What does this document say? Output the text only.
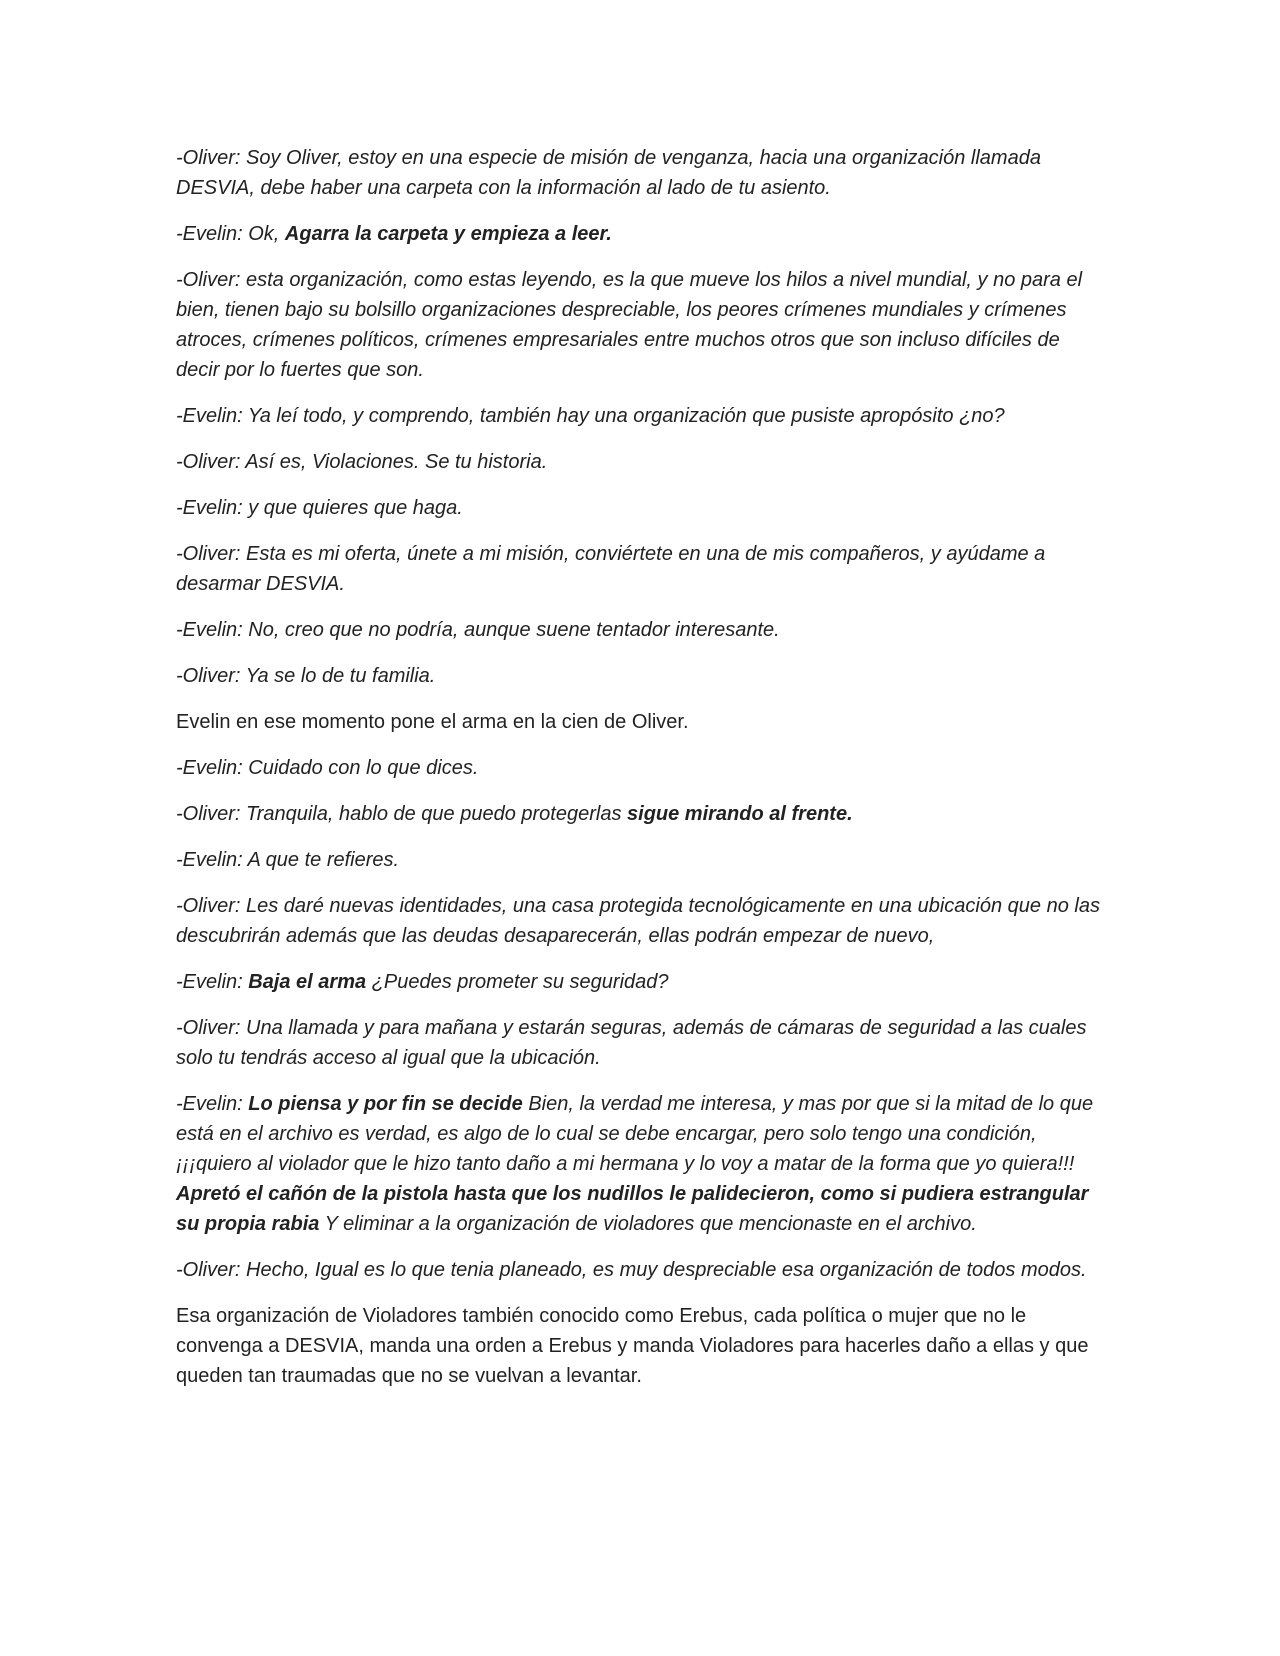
-Oliver: Soy Oliver, estoy en una especie de misión de venganza, hacia una organización llamada DESVIA, debe haber una carpeta con la información al lado de tu asiento.

-Evelin: Ok, Agarra la carpeta y empieza a leer.

-Oliver: esta organización, como estas leyendo, es la que mueve los hilos a nivel mundial, y no para el bien, tienen bajo su bolsillo organizaciones despreciable, los peores crímenes mundiales y crímenes atroces, crímenes políticos, crímenes empresariales entre muchos otros que son incluso difíciles de decir por lo fuertes que son.

-Evelin: Ya leí todo, y comprendo, también hay una organización que pusiste apropósito ¿no?

-Oliver: Así es, Violaciones. Se tu historia.

-Evelin: y que quieres que haga.

-Oliver: Esta es mi oferta, únete a mi misión, conviértete en una de mis compañeros, y ayúdame a desarmar DESVIA.

-Evelin: No, creo que no podría, aunque suene tentador interesante.

-Oliver: Ya se lo de tu familia.

Evelin en ese momento pone el arma en la cien de Oliver.

-Evelin: Cuidado con lo que dices.

-Oliver: Tranquila, hablo de que puedo protegerlas sigue mirando al frente.

-Evelin: A que te refieres.

-Oliver: Les daré nuevas identidades, una casa protegida tecnológicamente en una ubicación que no las descubrirán además que las deudas desaparecerán, ellas podrán empezar de nuevo,

-Evelin: Baja el arma ¿Puedes prometer su seguridad?

-Oliver: Una llamada y para mañana y estarán seguras, además de cámaras de seguridad a las cuales solo tu tendrás acceso al igual que la ubicación.

-Evelin: Lo piensa y por fin se decide Bien, la verdad me interesa, y mas por que si la mitad de lo que está en el archivo es verdad, es algo de lo cual se debe encargar, pero solo tengo una condición, ¡¡¡quiero al violador que le hizo tanto daño a mi hermana y lo voy a matar de la forma que yo quiera!!! Apretó el cañón de la pistola hasta que los nudillos le palidecieron, como si pudiera estrangular su propia rabia Y eliminar a la organización de violadores que mencionaste en el archivo.

-Oliver: Hecho, Igual es lo que tenia planeado, es muy despreciable esa organización de todos modos.

Esa organización de Violadores también conocido como Erebus, cada política o mujer que no le convenga a DESVIA, manda una orden a Erebus y manda Violadores para hacerles daño a ellas y que queden tan traumadas que no se vuelvan a levantar.
